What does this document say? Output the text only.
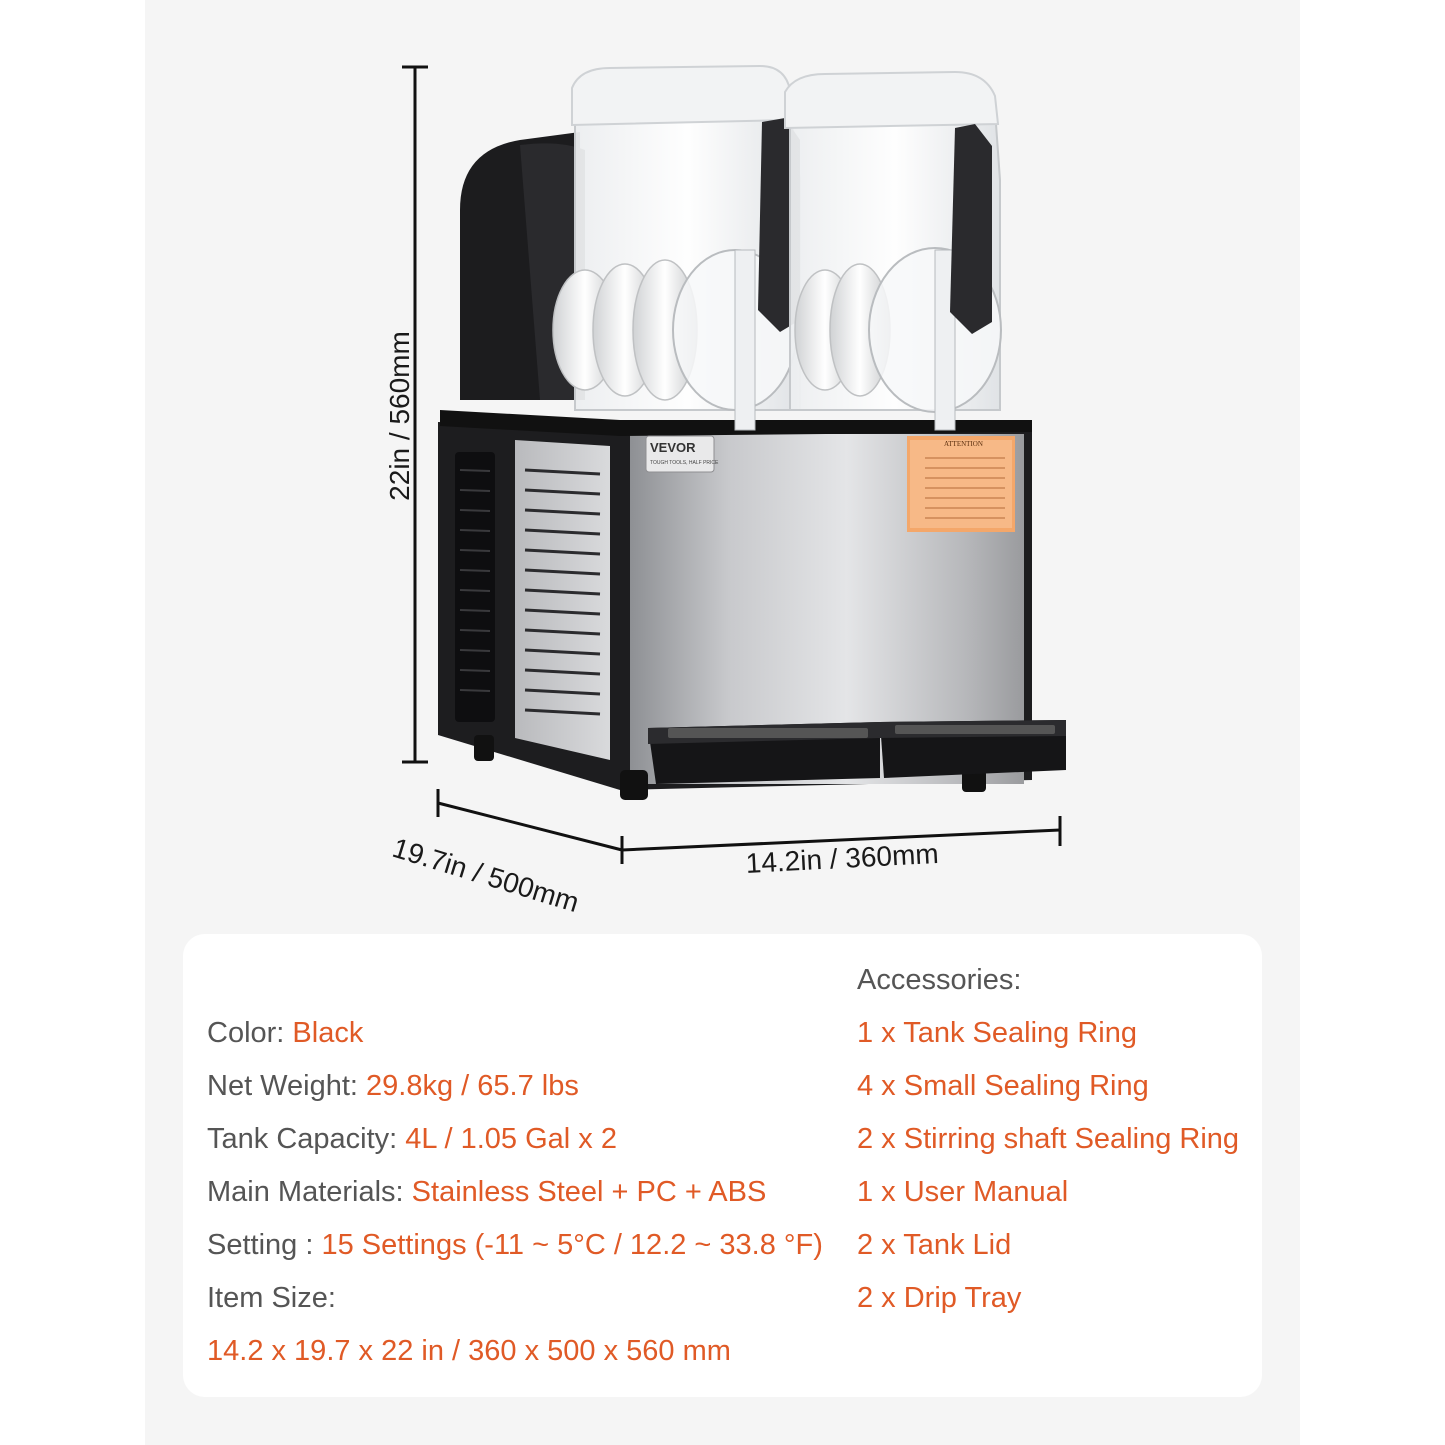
VEVOR
TOUGH TOOLS, HALF PRICE
ATTENTION
22in / 560mm
19.7in / 500mm	14.2in / 360mm
Color: Black
Net Weight: 29.8kg / 65.7 lbs
Tank Capacity: 4L / 1.05 Gal x 2
Main Materials: Stainless Steel + PC + ABS
Setting : 15 Settings (-11 ~ 5°C / 12.2 ~ 33.8 °F)
Item Size:
14.2 x 19.7 x 22 in / 360 x 500 x 560 mm
Accessories:
1 x Tank Sealing Ring
4 x Small Sealing Ring
2 x Stirring shaft Sealing Ring
1 x User Manual
2 x Tank Lid
2 x Drip Tray
